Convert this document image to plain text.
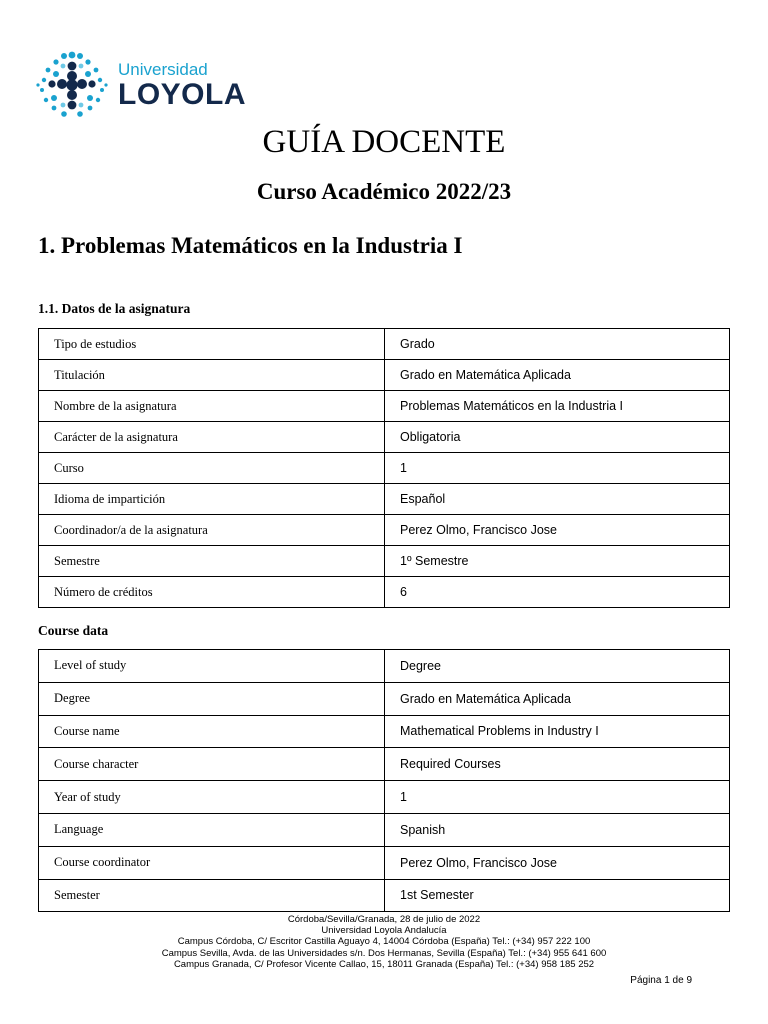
Universidad
LOYOLA
GUÍA DOCENTE
Curso Académico 2022/23
1. Problemas Matemáticos en la Industria I
1.1. Datos de la asignatura
Tipo de estudios	Grado
Titulación	Grado en Matemática Aplicada
Nombre de la asignatura	Problemas Matemáticos en la Industria I
Carácter de la asignatura	Obligatoria
Curso	1
Idioma de impartición	Español
Coordinador/a de la asignatura	Perez Olmo, Francisco Jose
Semestre	1º Semestre
Número de créditos	6
Course data
Level of study	Degree
Degree	Grado en Matemática Aplicada
Course name	Mathematical Problems in Industry I
Course character	Required Courses
Year of study	1
Language	Spanish
Course coordinator	Perez Olmo, Francisco Jose
Semester	1st Semester
Córdoba/Sevilla/Granada, 28 de julio de 2022
Universidad Loyola Andalucía
Campus Córdoba, C/ Escritor Castilla Aguayo 4, 14004 Córdoba (España) Tel.: (+34) 957 222 100
Campus Sevilla, Avda. de las Universidades s/n. Dos Hermanas, Sevilla (España) Tel.: (+34) 955 641 600
Campus Granada, C/ Profesor Vicente Callao, 15, 18011 Granada (España) Tel.: (+34) 958 185 252
Página 1 de 9
